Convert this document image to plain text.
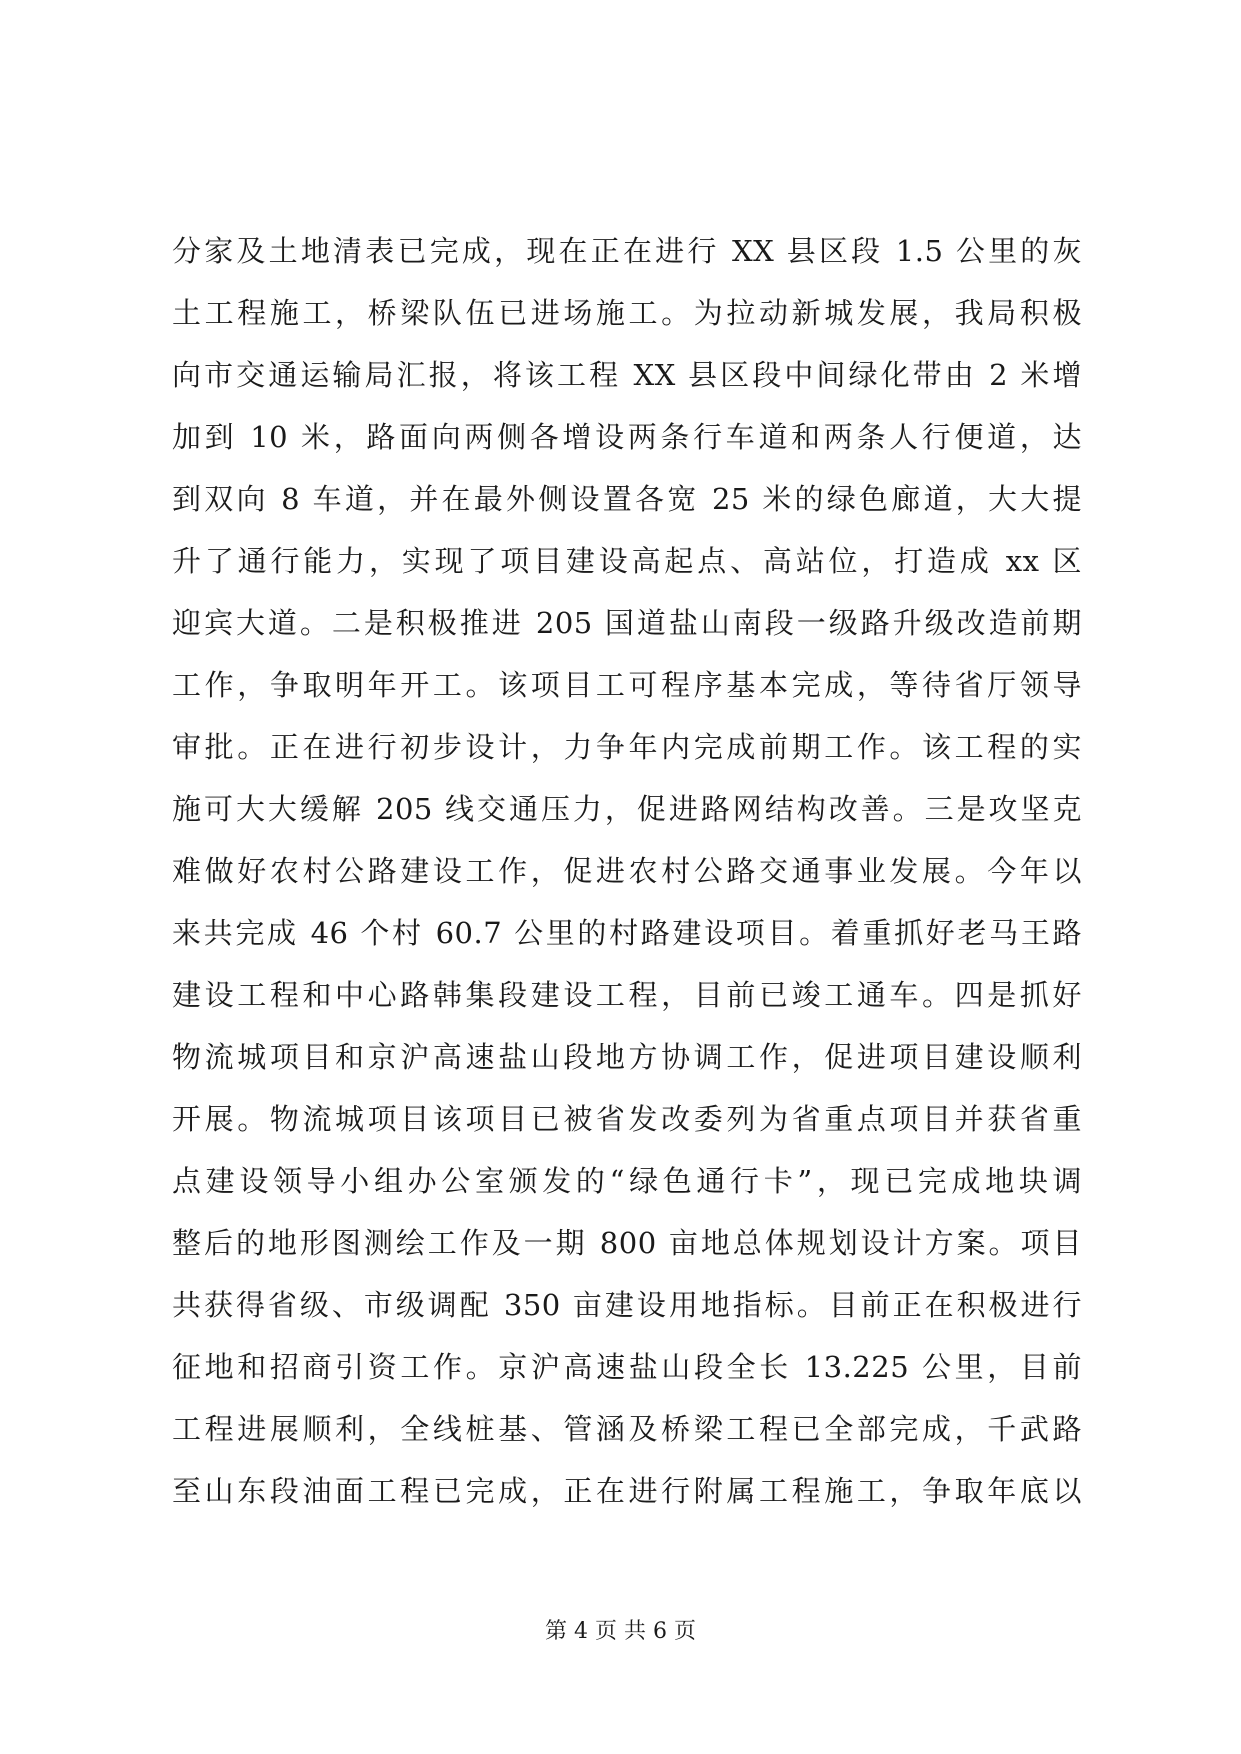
分家及土地清表已完成，现在正在进行 XX 县区段 1.5 公里的灰
土工程施工，桥梁队伍已进场施工。为拉动新城发展，我局积极
向市交通运输局汇报，将该工程 XX 县区段中间绿化带由 2 米增
加到 10 米，路面向两侧各增设两条行车道和两条人行便道，达
到双向 8 车道，并在最外侧设置各宽 25 米的绿色廊道，大大提
升了通行能力，实现了项目建设高起点、高站位，打造成 xx 区
迎宾大道。二是积极推进 205 国道盐山南段一级路升级改造前期
工作，争取明年开工。该项目工可程序基本完成，等待省厅领导
审批。正在进行初步设计，力争年内完成前期工作。该工程的实
施可大大缓解 205 线交通压力，促进路网结构改善。三是攻坚克
难做好农村公路建设工作，促进农村公路交通事业发展。今年以
来共完成 46 个村 60.7 公里的村路建设项目。着重抓好老马王路
建设工程和中心路韩集段建设工程，目前已竣工通车。四是抓好
物流城项目和京沪高速盐山段地方协调工作，促进项目建设顺利
开展。物流城项目该项目已被省发改委列为省重点项目并获省重
点建设领导小组办公室颁发的“绿色通行卡”，现已完成地块调
整后的地形图测绘工作及一期 800 亩地总体规划设计方案。项目
共获得省级、市级调配 350 亩建设用地指标。目前正在积极进行
征地和招商引资工作。京沪高速盐山段全长 13.225 公里，目前
工程进展顺利，全线桩基、管涵及桥梁工程已全部完成，千武路
至山东段油面工程已完成，正在进行附属工程施工，争取年底以
第 4 页 共 6 页
